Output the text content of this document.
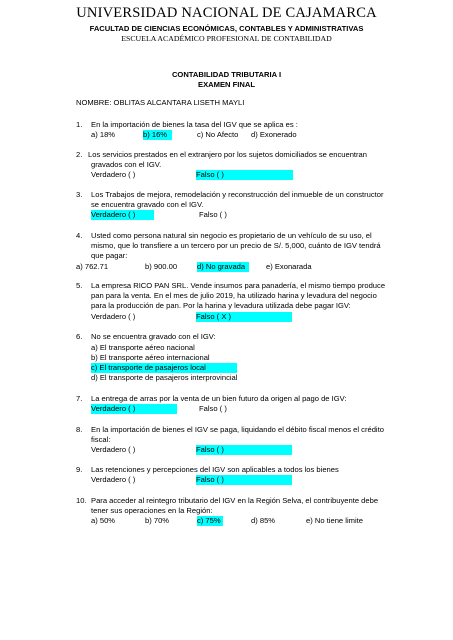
UNIVERSIDAD NACIONAL DE CAJAMARCA
FACULTAD DE CIENCIAS ECONÓMICAS, CONTABLES Y ADMINISTRATIVAS
ESCUELA ACADÉMICO PROFESIONAL DE CONTABILIDAD
CONTABILIDAD TRIBUTARIA I
EXAMEN FINAL
NOMBRE: OBLITAS ALCANTARA LISETH MAYLI
1. En la importación de bienes la tasa del IGV que se aplica es :
a) 18%	b) 16%	c) No Afecto d) Exonerado
2. Los servicios prestados en el extranjero por los sujetos domiciliados se encuentran
gravados con el IGV.
Verdadero ( )	Falso ( )
3. Los Trabajos de mejora, remodelación y reconstrucción del inmueble de un constructor
se encuentra gravado con el IGV.
Verdadero ( )	Falso ( )
4. Usted como persona natural sin negocio es propietario de un vehículo de su uso, el
mismo, que lo transfiere a un tercero por un precio de S/. 5,000, cuánto de IGV tendrá
que pagar:
a) 762.71	b) 900.00	d) No gravada	e) Exonarada
5. La empresa RICO PAN SRL. Vende insumos para panadería, el mismo tiempo produce
pan para la venta. En el mes de julio 2019, ha utilizado harina y levadura del negocio
para la producción de pan. Por la harina y levadura utilizada debe pagar IGV:
Verdadero ( )	Falso ( X )
6. No se encuentra gravado con el IGV:
a) El transporte aéreo nacional
b) El transporte aéreo internacional
c) El transporte de pasajeros local
d) El transporte de pasajeros interprovincial
7. La entrega de arras por la venta de un bien futuro da origen al pago de IGV:
Verdadero ( )	Falso ( )
8. En la importación de bienes el IGV se paga, liquidando el débito fiscal menos el crédito
fiscal:
Verdadero ( )	Falso ( )
9. Las retenciones y percepciones del IGV son aplicables a todos los bienes
Verdadero ( )	Falso ( )
10. Para acceder al reintegro tributario del IGV en la Región Selva, el contribuyente debe
tener sus operaciones en la Región:
a) 50%	b) 70%	c) 75%	d) 85%	e) No tiene limite
